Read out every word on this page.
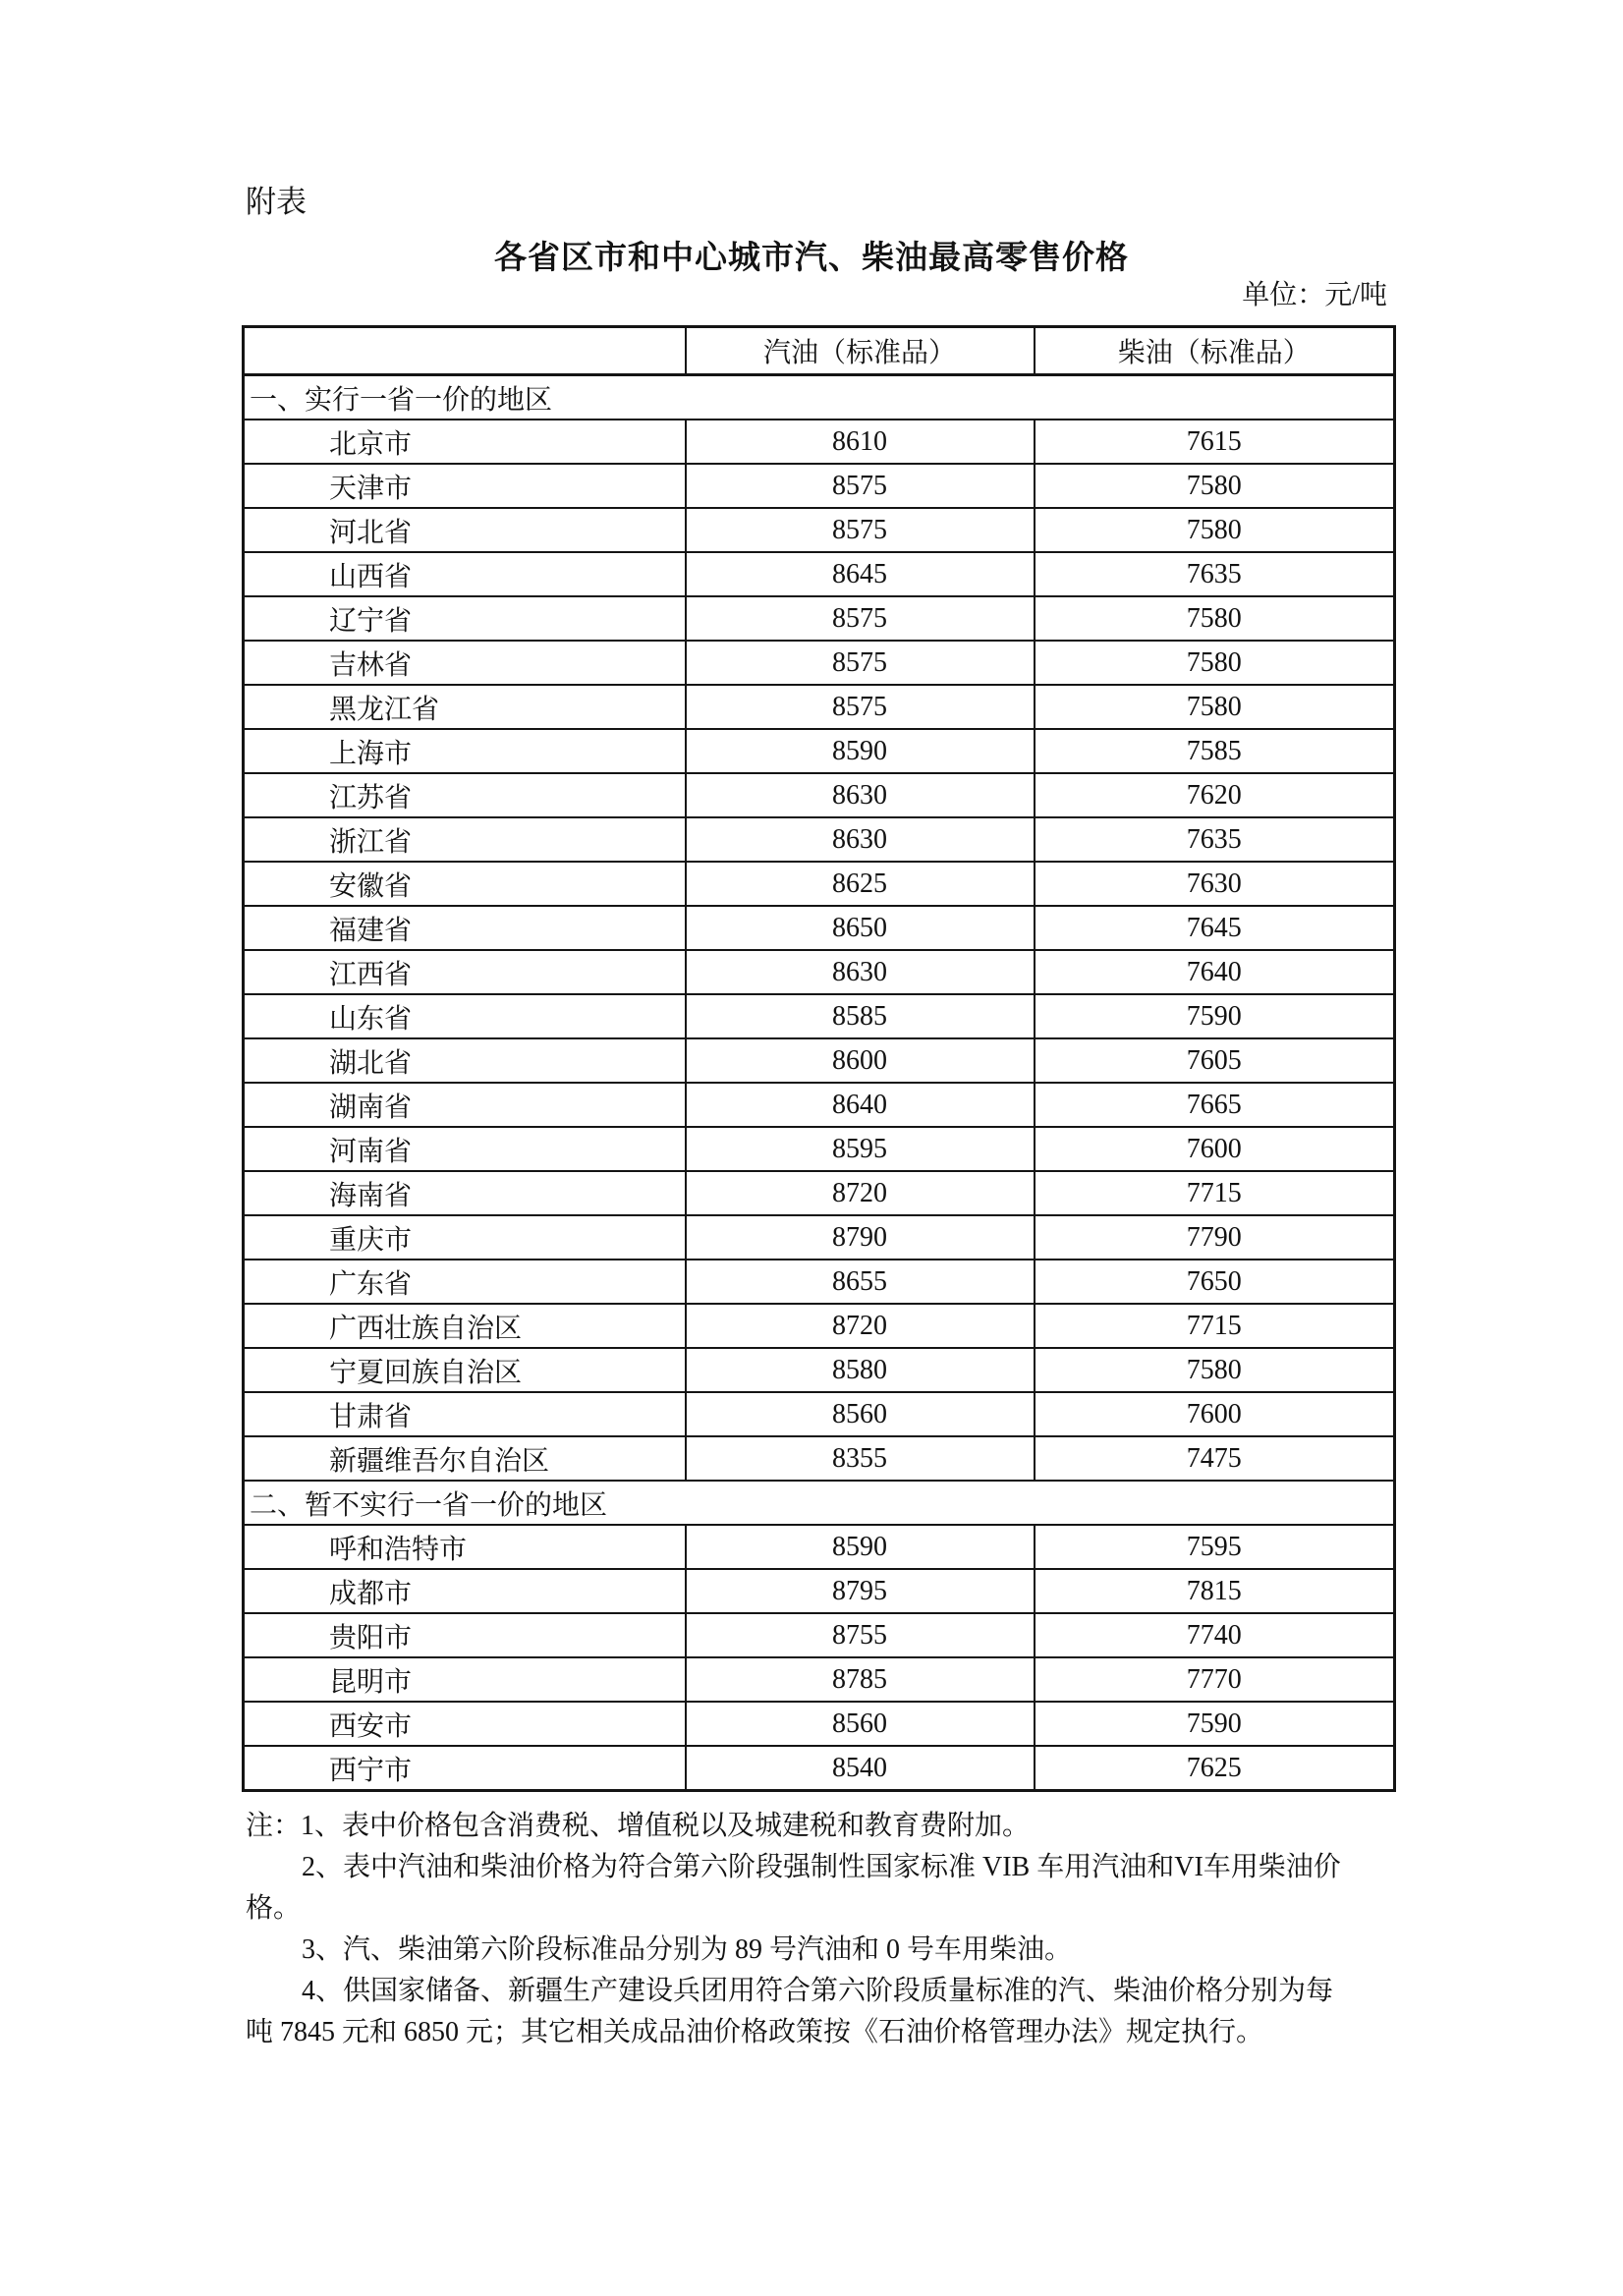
附表
各省区市和中心城市汽、柴油最高零售价格
单位：元/吨
	汽油（标准品）	柴油（标准品）
一、实行一省一价的地区		
北京市	8610	7615
天津市	8575	7580
河北省	8575	7580
山西省	8645	7635
辽宁省	8575	7580
吉林省	8575	7580
黑龙江省	8575	7580
上海市	8590	7585
江苏省	8630	7620
浙江省	8630	7635
安徽省	8625	7630
福建省	8650	7645
江西省	8630	7640
山东省	8585	7590
湖北省	8600	7605
湖南省	8640	7665
河南省	8595	7600
海南省	8720	7715
重庆市	8790	7790
广东省	8655	7650
广西壮族自治区	8720	7715
宁夏回族自治区	8580	7580
甘肃省	8560	7600
新疆维吾尔自治区	8355	7475
二、暂不实行一省一价的地区		
呼和浩特市	8590	7595
成都市	8795	7815
贵阳市	8755	7740
昆明市	8785	7770
西安市	8560	7590
西宁市	8540	7625
注：1、表中价格包含消费税、增值税以及城建税和教育费附加。
2、表中汽油和柴油价格为符合第六阶段强制性国家标准 VIB 车用汽油和VI车用柴油价
格。
3、汽、柴油第六阶段标准品分别为 89 号汽油和 0 号车用柴油。
4、供国家储备、新疆生产建设兵团用符合第六阶段质量标准的汽、柴油价格分别为每
吨 7845 元和 6850 元；其它相关成品油价格政策按《石油价格管理办法》规定执行。
